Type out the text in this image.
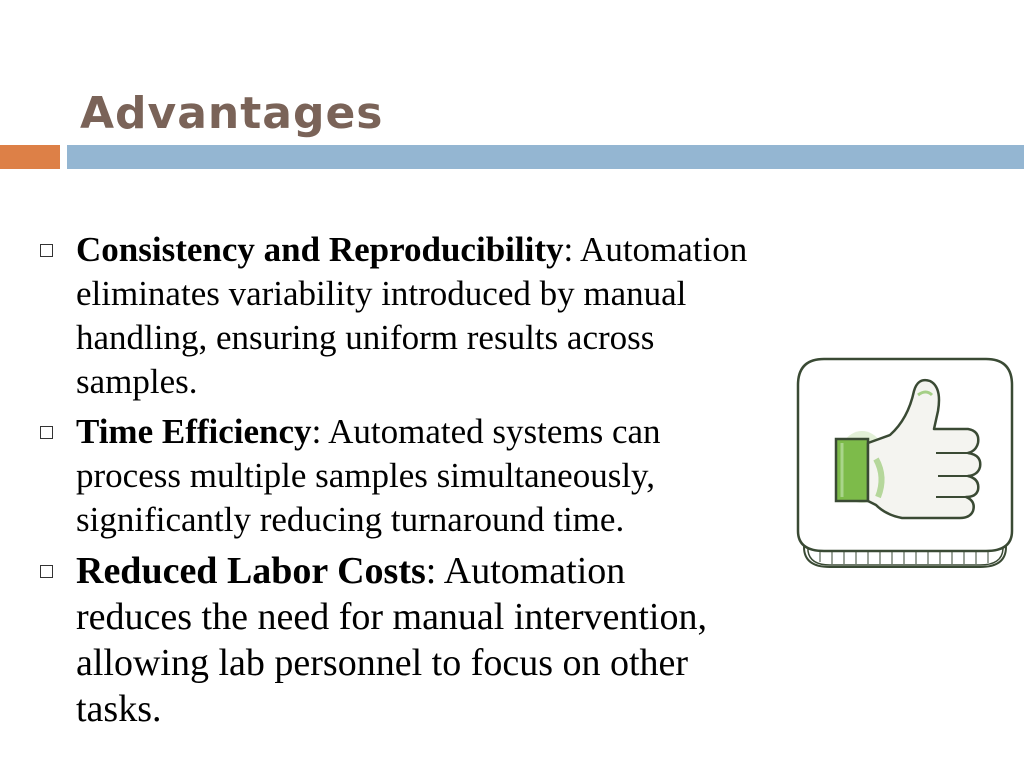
Advantages
Consistency and Reproducibility: Automation eliminates variability introduced by manual handling, ensuring uniform results across samples.
Time Efficiency: Automated systems can process multiple samples simultaneously, significantly reducing turnaround time.
Reduced Labor Costs: Automation reduces the need for manual intervention, allowing lab personnel to focus on other tasks.
